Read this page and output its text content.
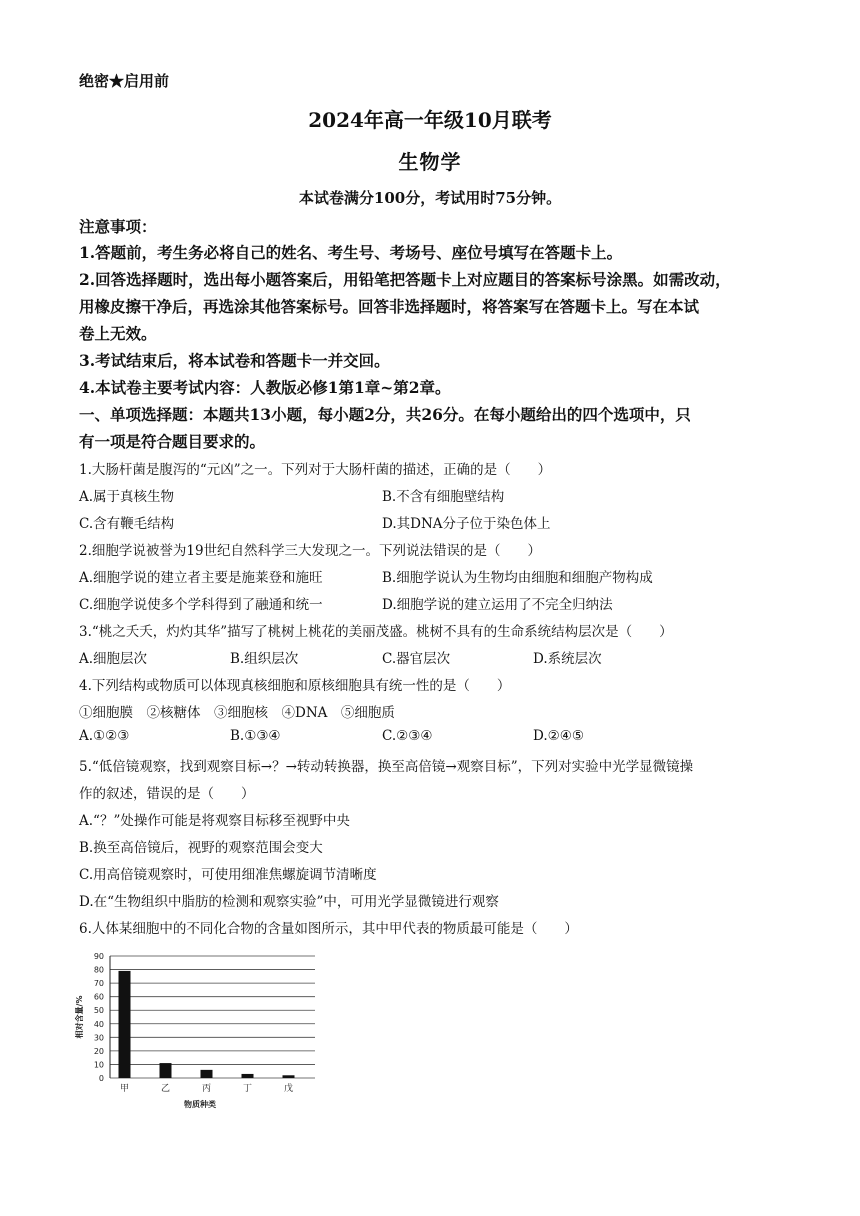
绝密★启用前
2024年高一年级10月联考
生物学
本试卷满分100分，考试用时75分钟。
注意事项：
1.答题前，考生务必将自己的姓名、考生号、考场号、座位号填写在答题卡上。
2.回答选择题时，选出每小题答案后，用铅笔把答题卡上对应题目的答案标号涂黑。如需改动，
用橡皮擦干净后，再选涂其他答案标号。回答非选择题时，将答案写在答题卡上。写在本试
卷上无效。
3.考试结束后，将本试卷和答题卡一并交回。
4.本试卷主要考试内容：人教版必修1第1章~第2章。
一、单项选择题：本题共13小题，每小题2分，共26分。在每小题给出的四个选项中，只
有一项是符合题目要求的。
1.大肠杆菌是腹泻的“元凶”之一。下列对于大肠杆菌的描述，正确的是（　　）
A.属于真核生物	B.不含有细胞壁结构
C.含有鞭毛结构	D.其DNA分子位于染色体上
2.细胞学说被誉为19世纪自然科学三大发现之一。下列说法错误的是（　　）
A.细胞学说的建立者主要是施莱登和施旺	B.细胞学说认为生物均由细胞和细胞产物构成
C.细胞学说使多个学科得到了融通和统一	D.细胞学说的建立运用了不完全归纳法
3.“桃之夭夭，灼灼其华”描写了桃树上桃花的美丽茂盛。桃树不具有的生命系统结构层次是（　　）
A.细胞层次	B.组织层次	C.器官层次	D.系统层次
4.下列结构或物质可以体现真核细胞和原核细胞具有统一性的是（　　）
①细胞膜　②核糖体　③细胞核　④DNA　⑤细胞质
A.①②③	B.①③④	C.②③④	D.②④⑤
5.“低倍镜观察，找到观察目标→？→转动转换器，换至高倍镜→观察目标”，下列对实验中光学显微镜操
作的叙述，错误的是（　　）
A.“？”处操作可能是将观察目标移至视野中央
B.换至高倍镜后，视野的观察范围会变大
C.用高倍镜观察时，可使用细准焦螺旋调节清晰度
D.在“生物组织中脂肪的检测和观察实验”中，可用光学显微镜进行观察
6.人体某细胞中的不同化合物的含量如图所示，其中甲代表的物质最可能是（　　）
0
10
20
30
40
50
60
70
80
90
甲	乙	丙	丁	戊
物质种类
相对含量/%
